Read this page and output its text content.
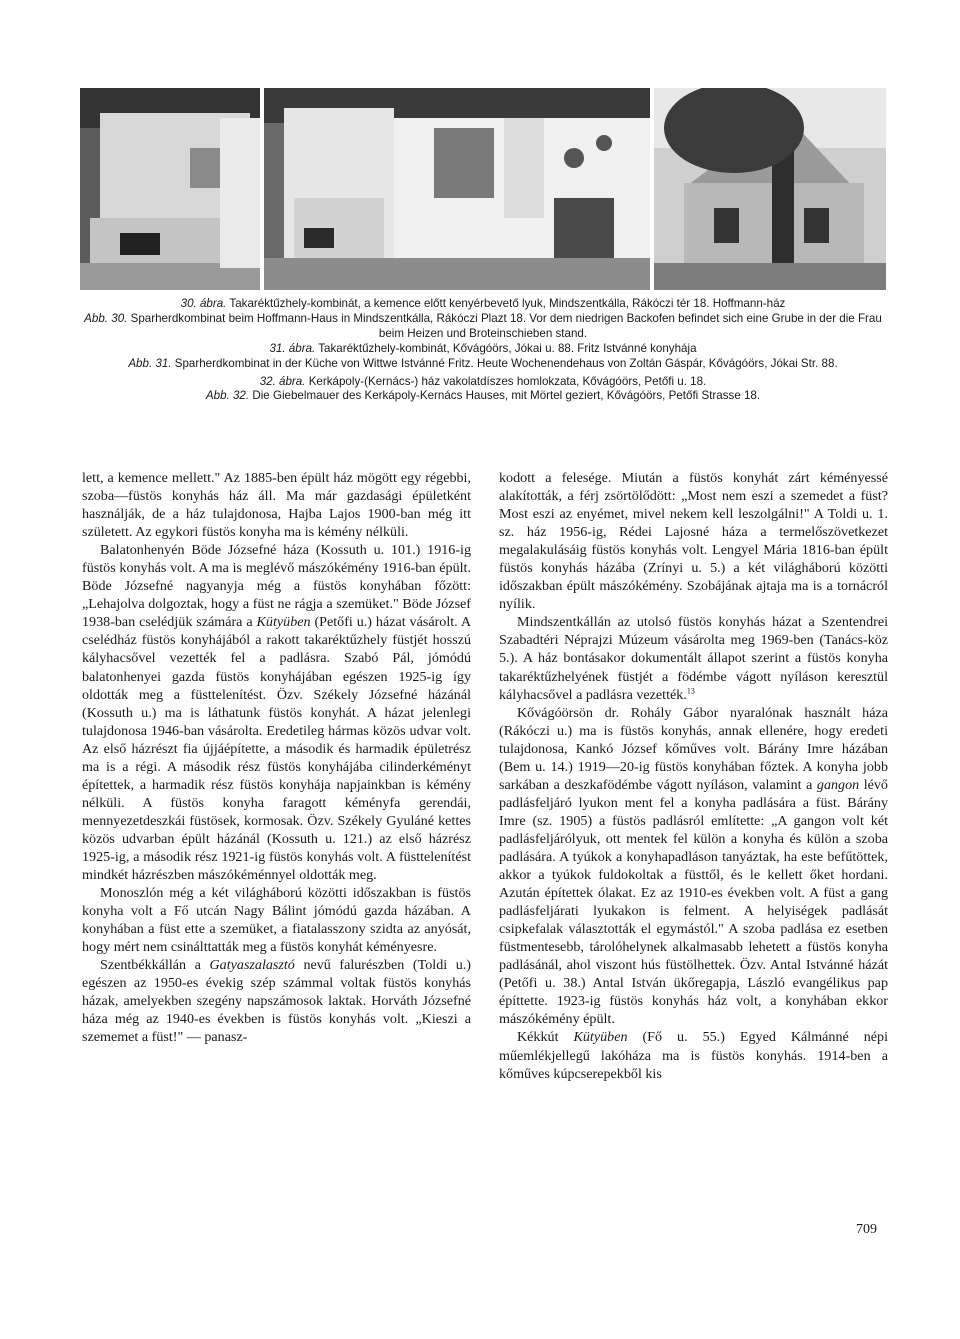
30. ábra. Takaréktűzhely-kombinát, a kemence előtt kenyérbevető lyuk, Mindszentkálla, Rákóczi tér 18. Hoffmann-ház

Abb. 30. Sparherdkombinat beim Hoffmann-Haus in Mindszentkálla, Rákóczi Plazt 18. Vor dem niedrigen Backofen befindet sich eine Grube in der die Frau beim Heizen und Broteinschieben stand.

31. ábra. Takaréktűzhely-kombinát, Kővágóörs, Jókai u. 88. Fritz Istvánné konyhája

Abb. 31. Sparherdkombinat in der Küche von Wittwe Istvánné Fritz. Heute Wochenendehaus von Zoltán Gáspár, Kővágóörs, Jókai Str. 88.

32. ábra. Kerkápoly-(Kernács-) ház vakolatdíszes homlokzata, Kővágóörs, Petőfi u. 18.

Abb. 32. Die Giebelmauer des Kerkápoly-Kernács Hauses, mit Mörtel geziert, Kővágóörs, Petőfi Strasse 18.

lett, a kemence mellett." Az 1885-ben épült ház mögött egy régebbi, szoba—füstös konyhás ház áll. Ma már gazdasági épületként használják, de a ház tulajdonosa, Hajba Lajos 1900-ban még itt született. Az egykori füstös konyha ma is kémény nélküli.

Balatonhenyén Böde Józsefné háza (Kossuth u. 101.) 1916-ig füstös konyhás volt. A ma is meglévő mászókémény 1916-ban épült. Böde Józsefné nagyanyja még a füstös konyhában főzött: „Lehajolva dolgoztak, hogy a füst ne rágja a szemüket." Böde József 1938-ban cselédjük számára a Kütyüben (Petőfi u.) házat vásárolt. A cselédház füstös konyhájából a rakott takaréktűzhely füstjét hosszú kályhacsővel vezették fel a padlásra. Szabó Pál, jómódú balatonhenyei gazda füstös konyhájában egészen 1925-ig így oldották meg a füsttelenítést. Özv. Székely Józsefné házánál (Kossuth u.) ma is láthatunk füstös konyhát. A házat jelenlegi tulajdonosa 1946-ban vásárolta. Eredetileg hármas közös udvar volt. Az első házrészt fia újjáépítette, a második és harmadik épületrész ma is a régi. A második rész füstös konyhájába cilinderkéményt építettek, a harmadik rész füstös konyhája napjainkban is kémény nélküli. A füstös konyha faragott kéményfa gerendái, mennyezetdeszkái füstösek, kormosak. Özv. Székely Gyuláné kettes közös udvarban épült házánál (Kossuth u. 121.) az első házrész 1925-ig, a második rész 1921-ig füstös konyhás volt. A füsttelenítést mindkét házrészben mászókéménnyel oldották meg.

Monoszlón még a két világháború közötti időszakban is füstös konyha volt a Fő utcán Nagy Bálint jómódú gazda házában. A konyhában a füst ette a szemüket, a fiatalasszony szidta az anyósát, hogy mért nem csinálttatták meg a füstös konyhát kéményesre.

Szentbékkállán a Gatyaszalasztó nevű falurészben (Toldi u.) egészen az 1950-es évekig szép számmal voltak füstös konyhás házak, amelyekben szegény napszámosok laktak. Horváth Józsefné háza még az 1940-es években is füstös konyhás volt. „Kieszi a szememet a füst!" — panasz-

kodott a felesége. Miután a füstös konyhát zárt kéményessé alakították, a férj zsörtölődött: „Most nem eszi a szemedet a füst? Most eszi az enyémet, mivel nekem kell leszolgálni!" A Toldi u. 1. sz. ház 1956-ig, Rédei Lajosné háza a termelőszövetkezet megalakulásáig füstös konyhás volt. Lengyel Mária 1816-ban épült füstös konyhás házába (Zrínyi u. 5.) a két világháború közötti időszakban épült mászókémény. Szobájának ajtaja ma is a tornácról nyílik.

Mindszentkállán az utolsó füstös konyhás házat a Szentendrei Szabadtéri Néprajzi Múzeum vásárolta meg 1969-ben (Tanács-köz 5.). A ház bontásakor dokumentált állapot szerint a füstös konyha takaréktűzhelyének füstjét a födémbe vágott nyíláson keresztül kályhacsővel a padlásra vezették.$^{13}$

Kővágóörsön dr. Rohály Gábor nyaralónak használt háza (Rákóczi u.) ma is füstös konyhás, annak ellenére, hogy eredeti tulajdonosa, Kankó József kőműves volt. Bárány Imre házában (Bem u. 14.) 1919—20-ig füstös konyhában főztek. A konyha jobb sarkában a deszkafödémbe vágott nyíláson, valamint a gangon lévő padlásfeljáró lyukon ment fel a konyha padlására a füst. Bárány Imre (sz. 1905) a füstös padlásról említette: „A gangon volt két padlásfeljárólyuk, ott mentek fel külön a konyha és külön a szoba padlására. A tyúkok a konyhapadláson tanyáztak, ha este befűtöttek, akkor a tyúkok fuldokoltak a füsttől, és le kellett őket hordani. Azután építettek ólakat. Ez az 1910-es években volt. A füst a gang padlásfeljárati lyukakon is felment. A helyiségek padlását csipkefalak választották el egymástól." A szoba padlása ez esetben füstmentesebb, tárolóhelynek alkalmasabb lehetett a füstös konyha padlásánál, ahol viszont hús füstölhettek. Özv. Antal Istvánné házát (Petőfi u. 38.) Antal István ükőregapja, László evangélikus pap építtette. 1923-ig füstös konyhás ház volt, a konyhában ekkor mászókémény épült.

Kékkút Kütyüben (Fő u. 55.) Egyed Kálmánné népi műemlékjellegű lakóháza ma is füstös konyhás. 1914-ben a kőműves kúpcserepekből kis

709
